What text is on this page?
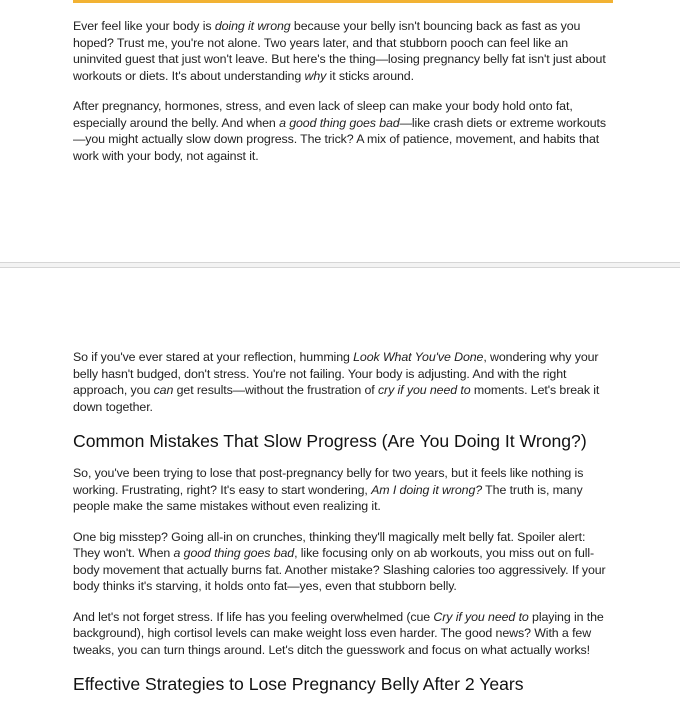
Ever feel like your body is doing it wrong because your belly isn't bouncing back as fast as you hoped? Trust me, you're not alone. Two years later, and that stubborn pooch can feel like an uninvited guest that just won't leave. But here's the thing—losing pregnancy belly fat isn't just about workouts or diets. It's about understanding why it sticks around.

After pregnancy, hormones, stress, and even lack of sleep can make your body hold onto fat, especially around the belly. And when a good thing goes bad—like crash diets or extreme workouts—you might actually slow down progress. The trick? A mix of patience, movement, and habits that work with your body, not against it.

So if you've ever stared at your reflection, humming Look What You've Done, wondering why your belly hasn't budged, don't stress. You're not failing. Your body is adjusting. And with the right approach, you can get results—without the frustration of cry if you need to moments. Let's break it down together.

Common Mistakes That Slow Progress (Are You Doing It Wrong?)

So, you've been trying to lose that post-pregnancy belly for two years, but it feels like nothing is working. Frustrating, right? It's easy to start wondering, Am I doing it wrong? The truth is, many people make the same mistakes without even realizing it.

One big misstep? Going all-in on crunches, thinking they'll magically melt belly fat. Spoiler alert: They won't. When a good thing goes bad, like focusing only on ab workouts, you miss out on full-body movement that actually burns fat. Another mistake? Slashing calories too aggressively. If your body thinks it's starving, it holds onto fat—yes, even that stubborn belly.

And let's not forget stress. If life has you feeling overwhelmed (cue Cry if you need to playing in the background), high cortisol levels can make weight loss even harder. The good news? With a few tweaks, you can turn things around. Let's ditch the guesswork and focus on what actually works!

Effective Strategies to Lose Pregnancy Belly After 2 Years
